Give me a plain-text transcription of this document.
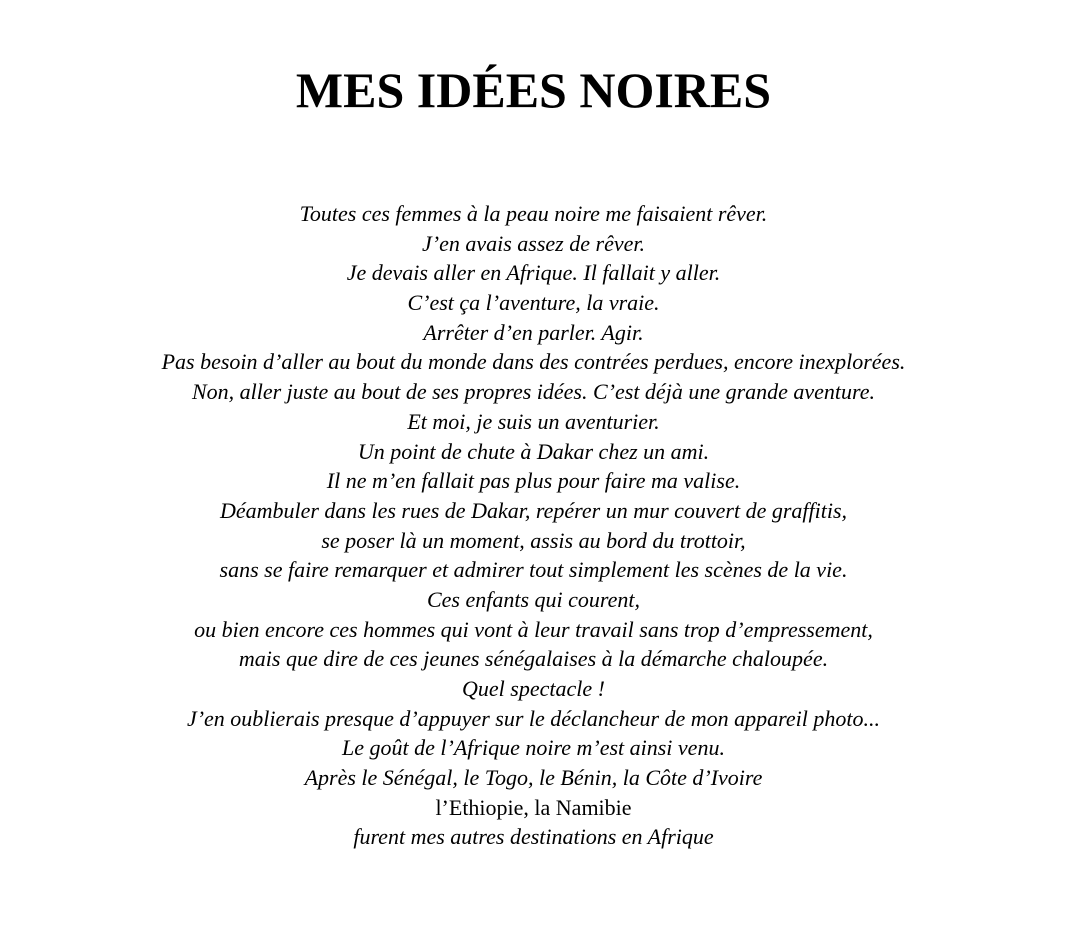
MES IDÉES NOIRES
Toutes ces femmes à la peau noire me faisaient rêver.
J’en avais assez de rêver.
Je devais aller en Afrique. Il fallait y aller.
C’est ça l’aventure, la vraie.
Arrêter d’en parler. Agir.
Pas besoin d’aller au bout du monde dans des contrées perdues, encore inexplorées.
Non, aller juste au bout de ses propres idées. C’est déjà une grande aventure.
Et moi, je suis un aventurier.
Un point de chute à Dakar chez un ami.
Il ne m’en fallait pas plus pour faire ma valise.
Déambuler dans les rues de Dakar, repérer un mur couvert de graffitis,
se poser là un moment, assis au bord du trottoir,
sans se faire remarquer et admirer tout simplement les scènes de la vie.
Ces enfants qui courent,
ou bien encore ces hommes qui vont à leur travail sans trop d’empressement,
mais que dire de ces jeunes sénégalaises à la démarche chaloupée.
Quel spectacle !
J’en oublierais presque d’appuyer sur le déclancheur de mon appareil photo...
Le goût de l’Afrique noire m’est ainsi venu.
Après le Sénégal, le Togo, le Bénin, la Côte d’Ivoire
l’Ethiopie, la Namibie
furent mes autres destinations en Afrique
